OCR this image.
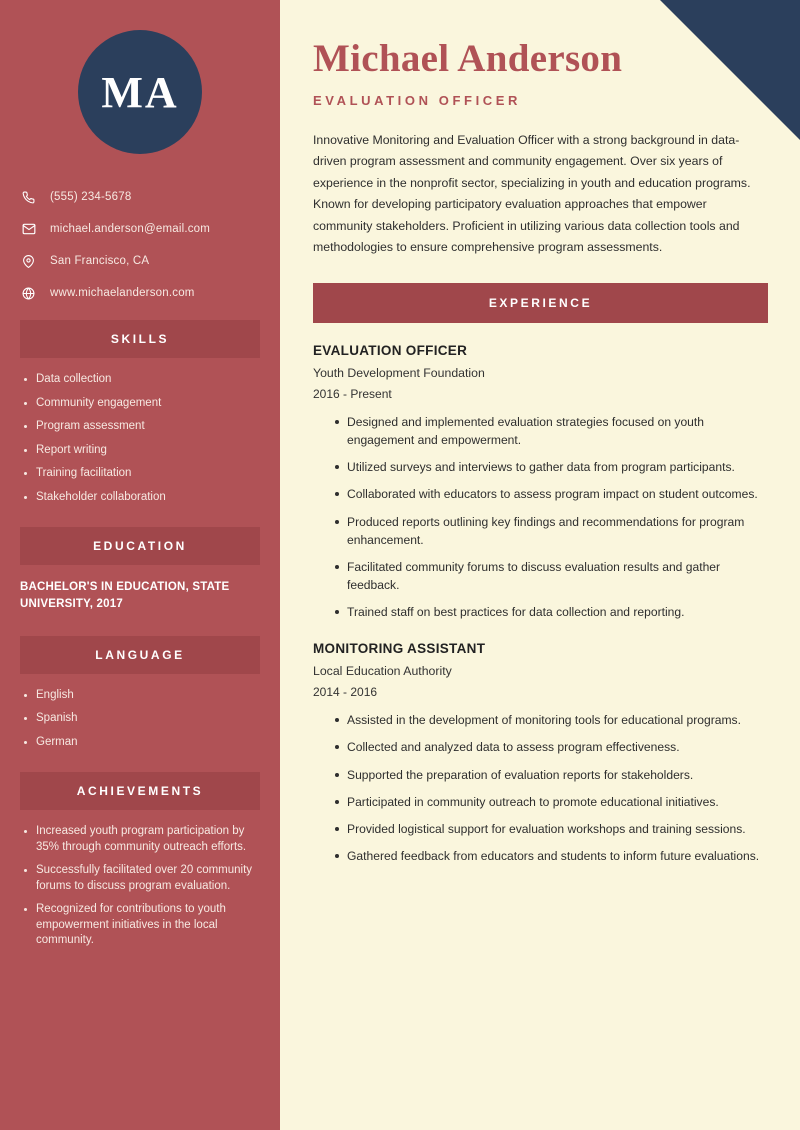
MA
(555) 234-5678
michael.anderson@email.com
San Francisco, CA
www.michaelanderson.com
SKILLS
Data collection
Community engagement
Program assessment
Report writing
Training facilitation
Stakeholder collaboration
EDUCATION
BACHELOR'S IN EDUCATION, STATE UNIVERSITY, 2017
LANGUAGE
English
Spanish
German
ACHIEVEMENTS
Increased youth program participation by 35% through community outreach efforts.
Successfully facilitated over 20 community forums to discuss program evaluation.
Recognized for contributions to youth empowerment initiatives in the local community.
Michael Anderson
EVALUATION OFFICER

Innovative Monitoring and Evaluation Officer with a strong background in data-driven program assessment and community engagement. Over six years of experience in the nonprofit sector, specializing in youth and education programs. Known for developing participatory evaluation approaches that empower community stakeholders. Proficient in utilizing various data collection tools and methodologies to ensure comprehensive program assessments.

EXPERIENCE
EVALUATION OFFICER
Youth Development Foundation
2016 - Present
Designed and implemented evaluation strategies focused on youth engagement and empowerment.
Utilized surveys and interviews to gather data from program participants.
Collaborated with educators to assess program impact on student outcomes.
Produced reports outlining key findings and recommendations for program enhancement.
Facilitated community forums to discuss evaluation results and gather feedback.
Trained staff on best practices for data collection and reporting.
MONITORING ASSISTANT
Local Education Authority
2014 - 2016
Assisted in the development of monitoring tools for educational programs.
Collected and analyzed data to assess program effectiveness.
Supported the preparation of evaluation reports for stakeholders.
Participated in community outreach to promote educational initiatives.
Provided logistical support for evaluation workshops and training sessions.
Gathered feedback from educators and students to inform future evaluations.
